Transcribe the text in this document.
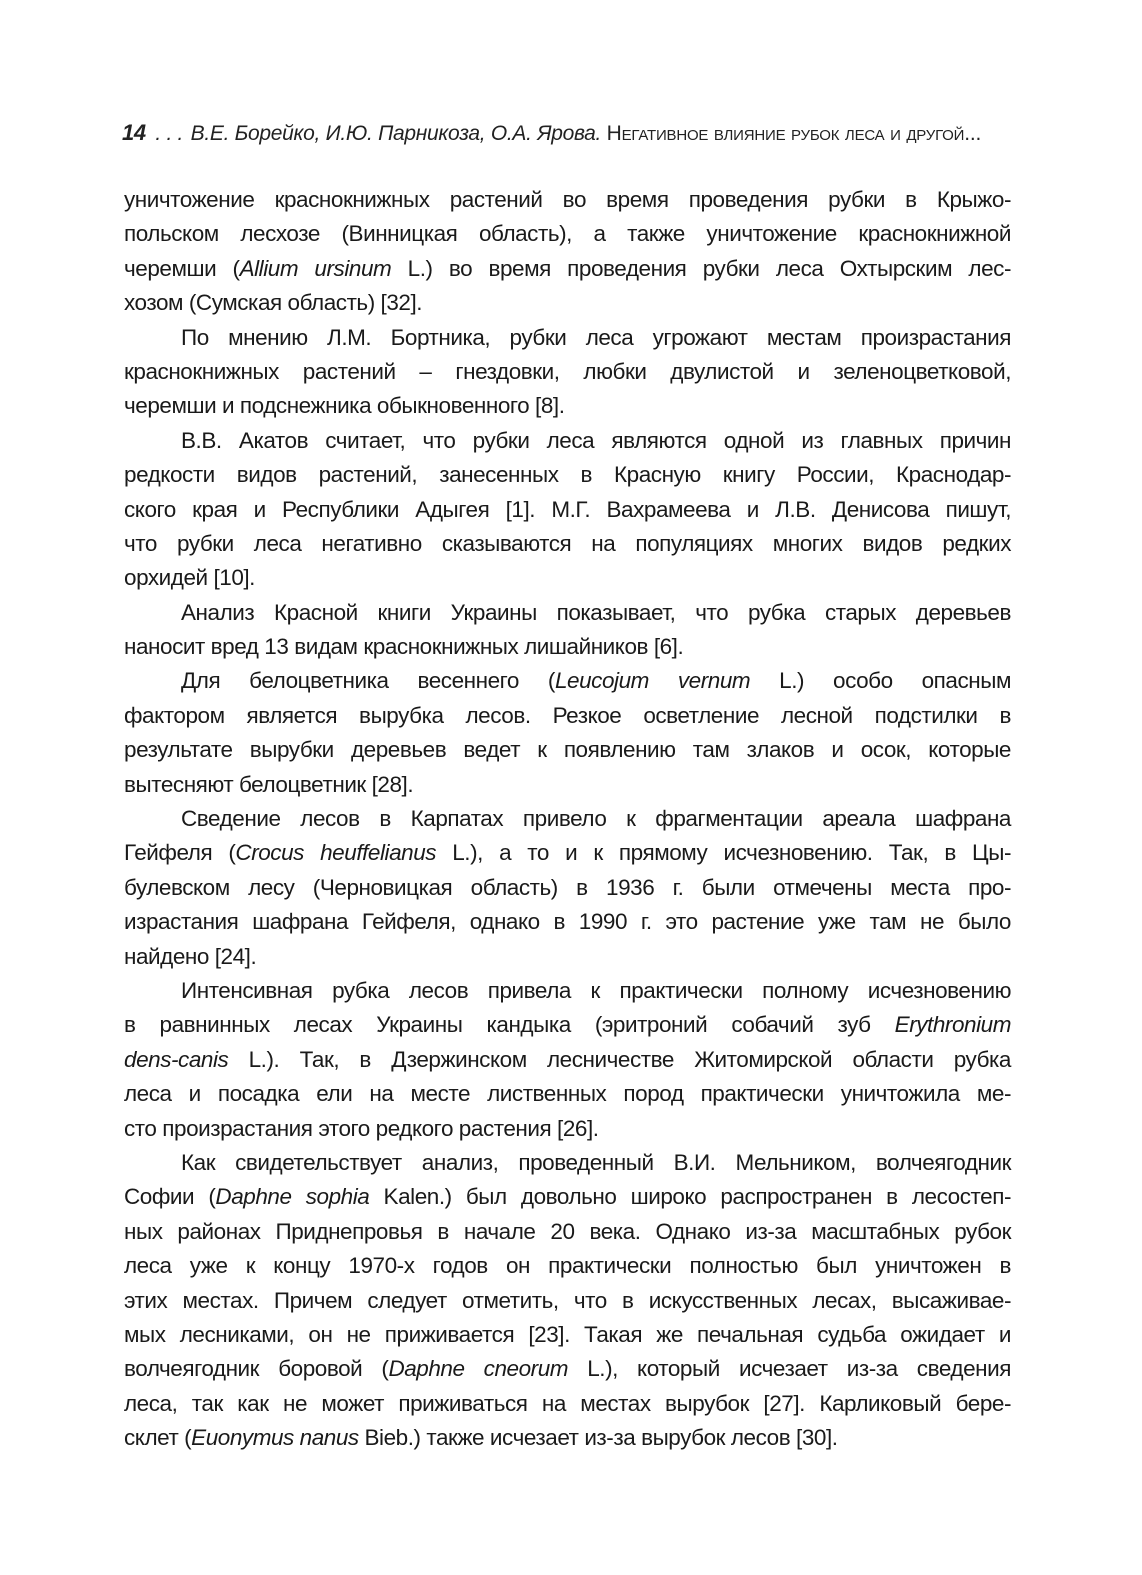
14 . . . В.Е. Борейко, И.Ю. Парникоза, О.А. Ярова. Негативное влияние рубок леса и другой...
уничтожение краснокнижных растений во время проведения рубки в Крыжо-
польском лесхозе (Винницкая область), а также уничтожение краснокнижной
черемши (Allium ursinum L.) во время проведения рубки леса Охтырским лес-
хозом (Сумская область) [32].
По мнению Л.М. Бортника, рубки леса угрожают местам произрастания
краснокнижных растений – гнездовки, любки двулистой и зеленоцветковой,
черемши и подснежника обыкновенного [8].
В.В. Акатов считает, что рубки леса являются одной из главных причин
редкости видов растений, занесенных в Красную книгу России, Краснодар-
ского края и Республики Адыгея [1]. М.Г. Вахрамеева и Л.В. Денисова пишут,
что рубки леса негативно сказываются на популяциях многих видов редких
орхидей [10].
Анализ Красной книги Украины показывает, что рубка старых деревьев
наносит вред 13 видам краснокнижных лишайников [6].
Для белоцветника весеннего (Leucojum vernum L.) особо опасным
фактором является вырубка лесов. Резкое осветление лесной подстилки в
результате вырубки деревьев ведет к появлению там злаков и осок, которые
вытесняют белоцветник [28].
Сведение лесов в Карпатах привело к фрагментации ареала шафрана
Гейфеля (Crocus heuffelianus L.), а то и к прямому исчезновению. Так, в Цы-
булевском лесу (Черновицкая область) в 1936 г. были отмечены места про-
израстания шафрана Гейфеля, однако в 1990 г. это растение уже там не было
найдено [24].
Интенсивная рубка лесов привела к практически полному исчезновению
в равнинных лесах Украины кандыка (эритроний собачий зуб Erythronium
dens-canis L.). Так, в Дзержинском лесничестве Житомирской области рубка
леса и посадка ели на месте лиственных пород практически уничтожила ме-
сто произрастания этого редкого растения [26].
Как свидетельствует анализ, проведенный В.И. Мельником, волчеягодник
Софии (Daphne sophia Kalen.) был довольно широко распространен в лесостеп-
ных районах Приднепровья в начале 20 века. Однако из-за масштабных рубок
леса уже к концу 1970-х годов он практически полностью был уничтожен в
этих местах. Причем следует отметить, что в искусственных лесах, высаживае-
мых лесниками, он не приживается [23]. Такая же печальная судьба ожидает и
волчеягодник боровой (Daphne cneorum L.), который исчезает из-за сведения
леса, так как не может приживаться на местах вырубок [27]. Карликовый бере-
склет (Euonymus nanus Bieb.) также исчезает из-за вырубок лесов [30].
